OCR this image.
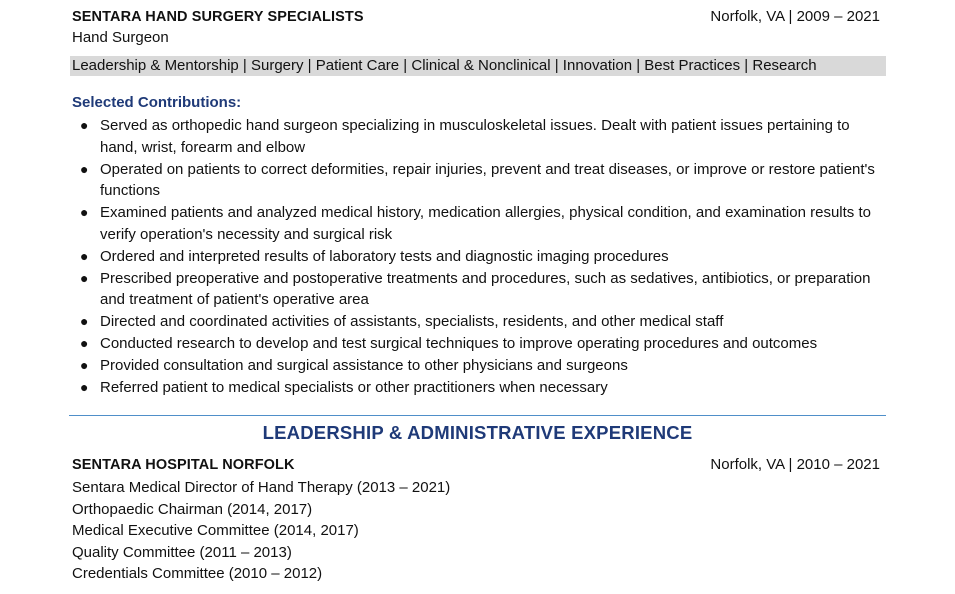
SENTARA HAND SURGERY SPECIALISTS	Norfolk, VA | 2009 – 2021
Hand Surgeon
Leadership & Mentorship | Surgery | Patient Care | Clinical & Nonclinical | Innovation | Best Practices | Research
Selected Contributions:
● Served as orthopedic hand surgeon specializing in musculoskeletal issues. Dealt with patient issues pertaining to hand, wrist, forearm and elbow
● Operated on patients to correct deformities, repair injuries, prevent and treat diseases, or improve or restore patient's functions
● Examined patients and analyzed medical history, medication allergies, physical condition, and examination results to verify operation's necessity and surgical risk
● Ordered and interpreted results of laboratory tests and diagnostic imaging procedures
● Prescribed preoperative and postoperative treatments and procedures, such as sedatives, antibiotics, or preparation and treatment of patient's operative area
● Directed and coordinated activities of assistants, specialists, residents, and other medical staff
● Conducted research to develop and test surgical techniques to improve operating procedures and outcomes
● Provided consultation and surgical assistance to other physicians and surgeons
● Referred patient to medical specialists or other practitioners when necessary
LEADERSHIP & ADMINISTRATIVE EXPERIENCE
SENTARA HOSPITAL NORFOLK	Norfolk, VA | 2010 – 2021
Sentara Medical Director of Hand Therapy (2013 – 2021)
Orthopaedic Chairman (2014, 2017)
Medical Executive Committee (2014, 2017)
Quality Committee (2011 – 2013)
Credentials Committee (2010 – 2012)
